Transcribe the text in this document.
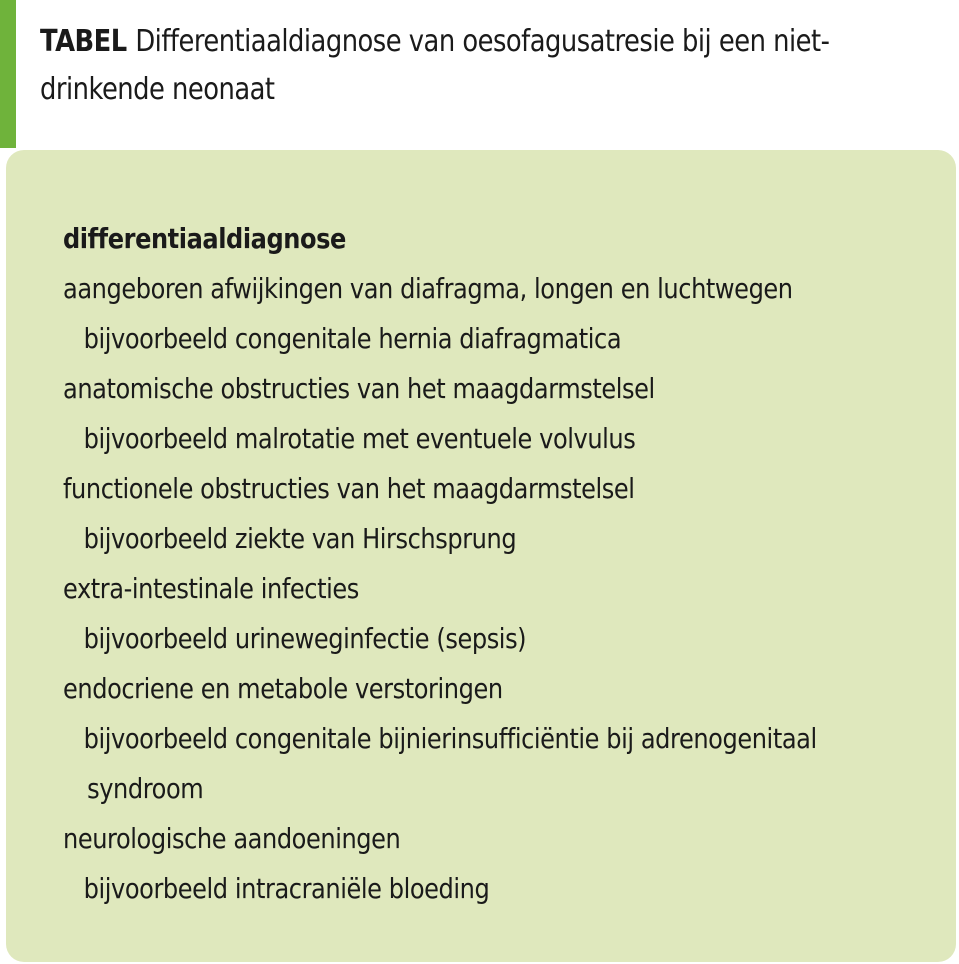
TABEL Differentiaaldiagnose van oesofagusatresie bij een niet-
drinkende neonaat
differentiaaldiagnose
aangeboren afwijkingen van diafragma, longen en luchtwegen
bijvoorbeeld congenitale hernia diafragmatica
anatomische obstructies van het maagdarmstelsel
bijvoorbeeld malrotatie met eventuele volvulus
functionele obstructies van het maagdarmstelsel
bijvoorbeeld ziekte van Hirschsprung
extra-intestinale infecties
bijvoorbeeld urineweginfectie (sepsis)
endocriene en metabole verstoringen
bijvoorbeeld congenitale bijnierinsufficiëntie bij adrenogenitaal
syndroom
neurologische aandoeningen
bijvoorbeeld intracraniële bloeding
